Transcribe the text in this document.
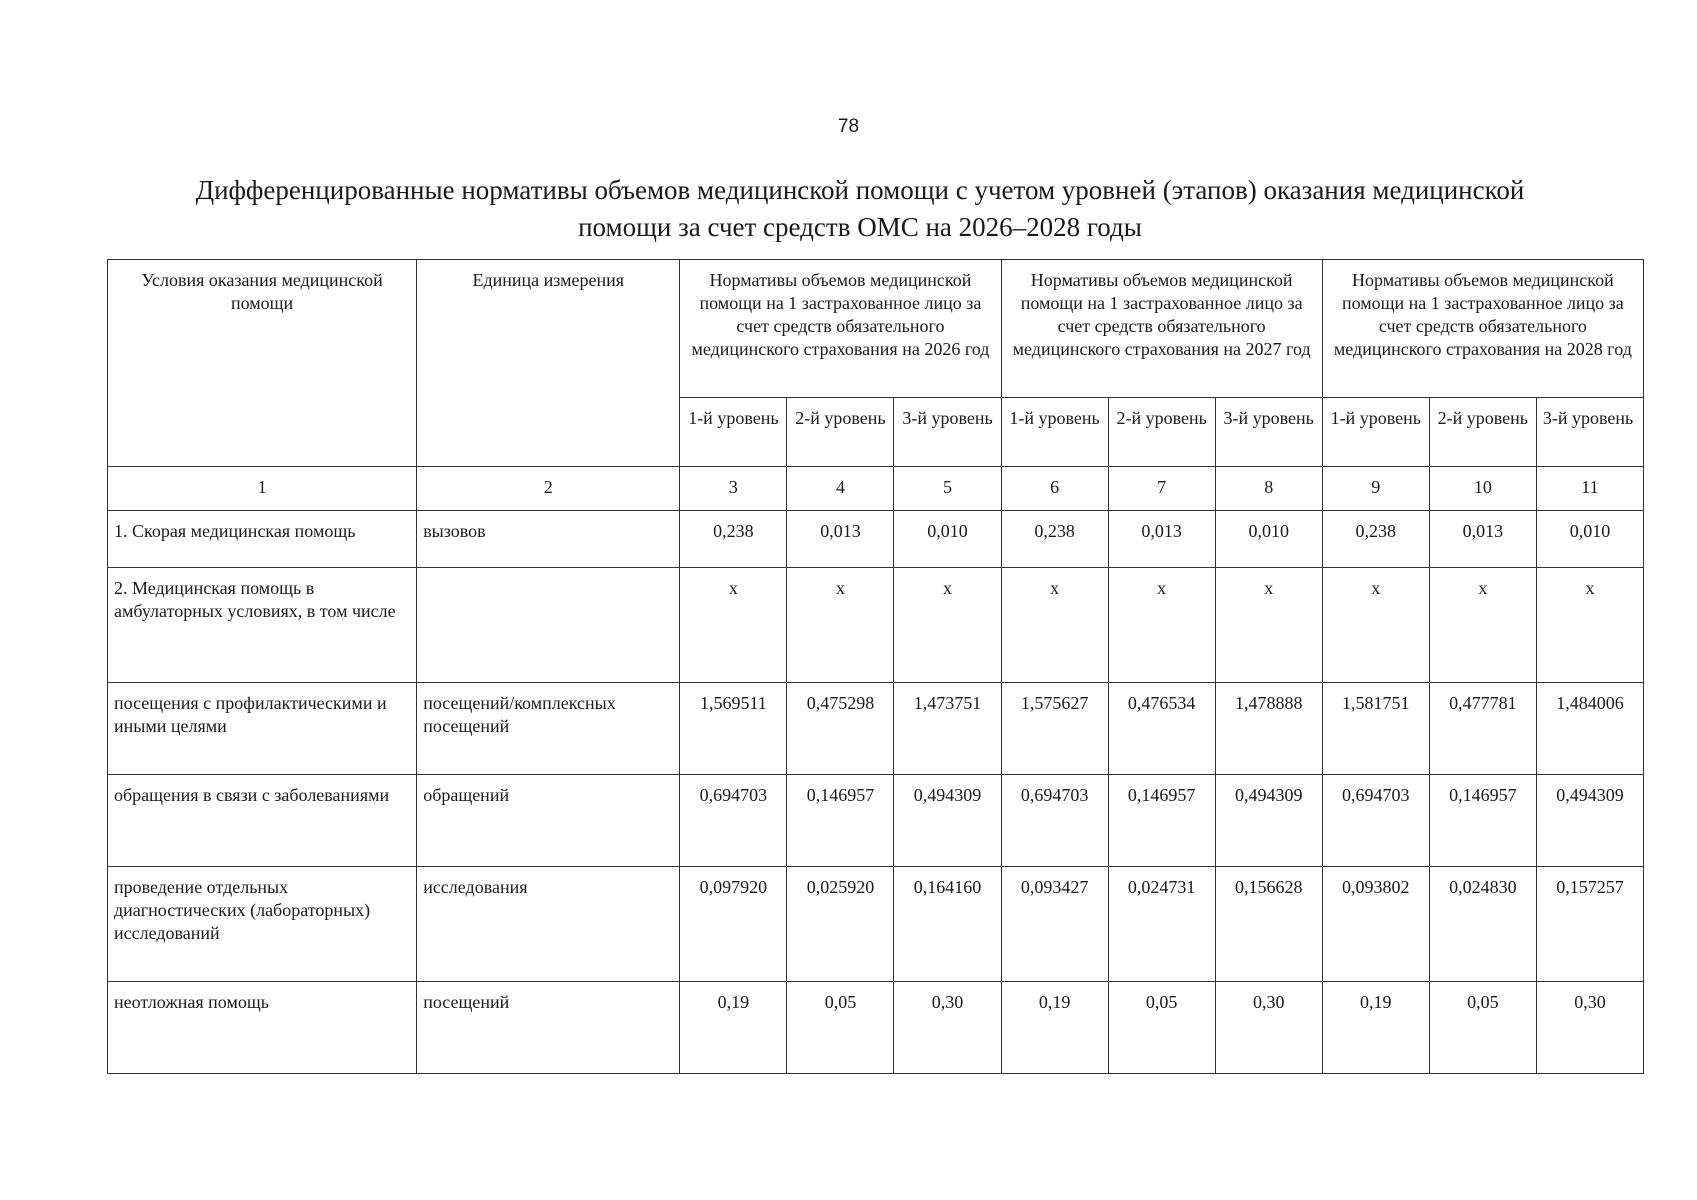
78
Дифференцированные нормативы объемов медицинской помощи с учетом уровней (этапов) оказания медицинской
помощи за счет средств ОМС на 2026–2028 годы
Условия оказания медицинской помощи	Единица измерения	Нормативы объемов медицинской помощи на 1 застрахованное лицо за счет средств обязательного медицинского страхования на 2026 год			Нормативы объемов медицинской помощи на 1 застрахованное лицо за счет средств обязательного медицинского страхования на 2027 год			Нормативы объемов медицинской помощи на 1 застрахованное лицо за счет средств обязательного медицинского страхования на 2028 год		
		1-й уровень	2-й уровень	3-й уровень	1-й уровень	2-й уровень	3-й уровень	1-й уровень	2-й уровень	3-й уровень
1	2	3	4	5	6	7	8	9	10	11
1. Скорая медицинская помощь	вызовов	0,238	0,013	0,010	0,238	0,013	0,010	0,238	0,013	0,010
2. Медицинская помощь в амбулаторных условиях, в том числе		х	х	х	х	х	х	х	х	х
посещения с профилактическими и иными целями	посещений/комплексных посещений	1,569511	0,475298	1,473751	1,575627	0,476534	1,478888	1,581751	0,477781	1,484006
обращения в связи с заболеваниями	обращений	0,694703	0,146957	0,494309	0,694703	0,146957	0,494309	0,694703	0,146957	0,494309
проведение отдельных диагностических (лабораторных) исследований	исследования	0,097920	0,025920	0,164160	0,093427	0,024731	0,156628	0,093802	0,024830	0,157257
неотложная помощь	посещений	0,19	0,05	0,30	0,19	0,05	0,30	0,19	0,05	0,30
